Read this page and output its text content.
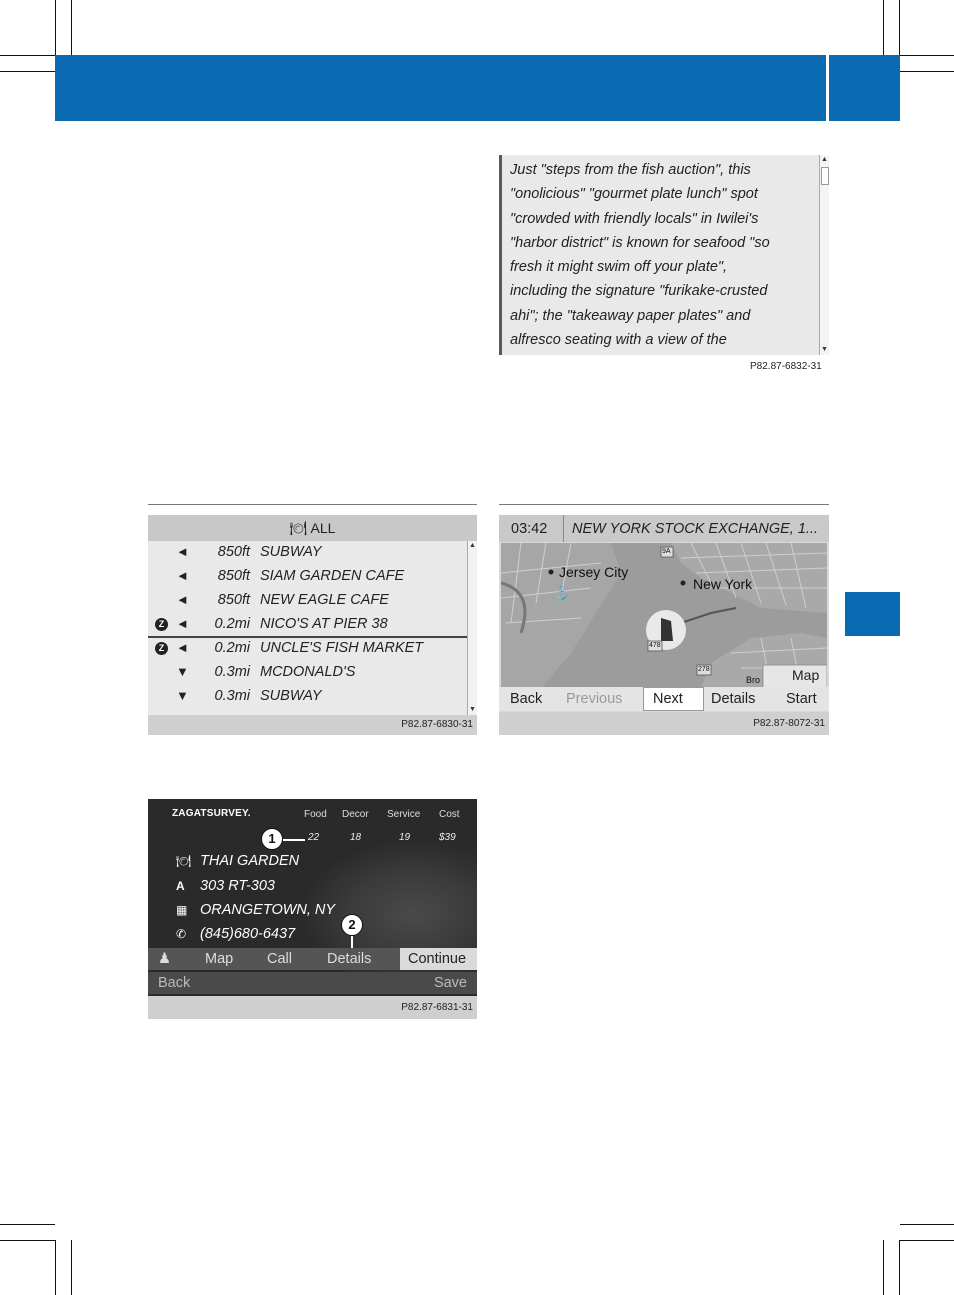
Just "steps from the fish auction", this
"onolicious" "gourmet plate lunch" spot
"crowded with friendly locals" in Iwilei's
"harbor district" is known for seafood "so
fresh it might swim off your plate",
including the signature "furikake-crusted
ahi"; the "takeaway paper plates" and
alfresco seating with a view of the
▲
▼
P82.87-6832-31
🍽 ALL
◄	850ft SUBWAY
◄	850ft SIAM GARDEN CAFE
◄	850ft NEW EAGLE CAFE
Z ◄	0.2mi NICO'S AT PIER 38
Z ◄	0.2mi UNCLE'S FISH MARKET
▼	0.3mi MCDONALD'S
▼	0.3mi SUBWAY
▲
▼
P82.87-6830-31
03:42 NEW YORK STOCK EXCHANGE, 1...
⚓
Jersey City
New York
9A
278
478
Bro Map
Back Previous Next Details Start
P82.87-8072-31
ZAGATSURVEY.	Food Decor Service Cost
22	18	19	$39
1
🍽 THAI GARDEN
A 303 RT-303
▦ ORANGETOWN, NY
✆ (845)680-6437
2
♟ Map Call Details	Continue
Back	Save
P82.87-6831-31
